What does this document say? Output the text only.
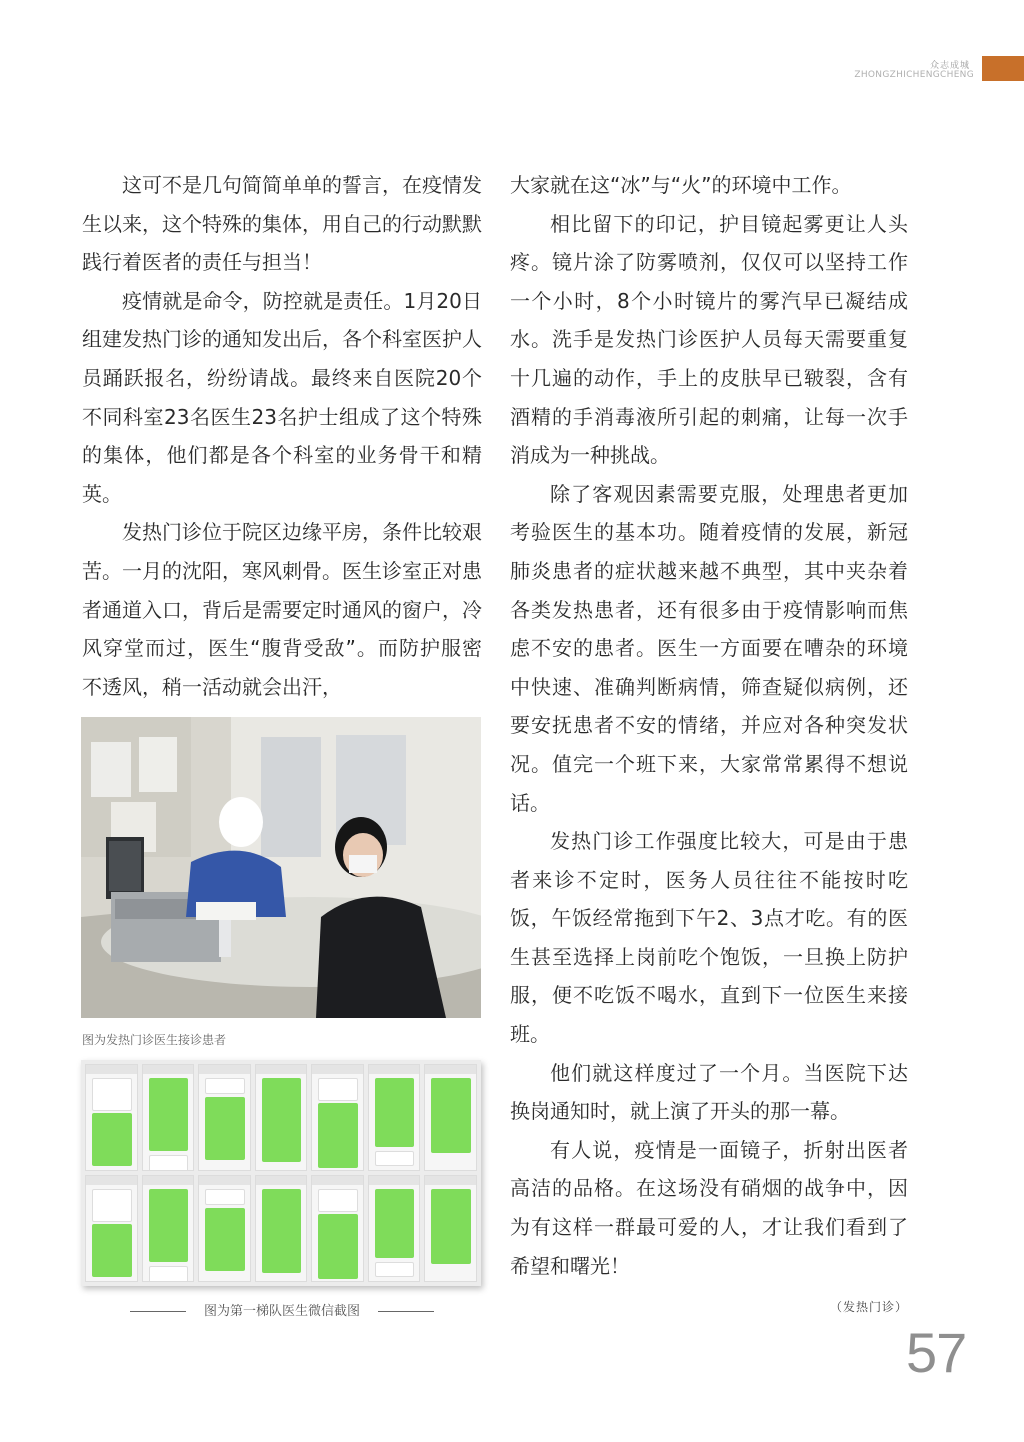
众志成城
ZHONGZHICHENGCHENG

这可不是几句简简单单的誓言，在疫情发生以来，这个特殊的集体，用自己的行动默默践行着医者的责任与担当！

疫情就是命令，防控就是责任。1月20日组建发热门诊的通知发出后，各个科室医护人员踊跃报名，纷纷请战。最终来自医院20个不同科室23名医生23名护士组成了这个特殊的集体，他们都是各个科室的业务骨干和精英。

发热门诊位于院区边缘平房，条件比较艰苦。一月的沈阳，寒风刺骨。医生诊室正对患者通道入口，背后是需要定时通风的窗户，冷风穿堂而过，医生“腹背受敌”。而防护服密不透风，稍一活动就会出汗，

图为发热门诊医生接诊患者
图为第一梯队医生微信截图

大家就在这“冰”与“火”的环境中工作。

相比留下的印记，护目镜起雾更让人头疼。镜片涂了防雾喷剂，仅仅可以坚持工作一个小时，8个小时镜片的雾汽早已凝结成水。洗手是发热门诊医护人员每天需要重复十几遍的动作，手上的皮肤早已皲裂，含有酒精的手消毒液所引起的刺痛，让每一次手消成为一种挑战。

除了客观因素需要克服，处理患者更加考验医生的基本功。随着疫情的发展，新冠肺炎患者的症状越来越不典型，其中夹杂着各类发热患者，还有很多由于疫情影响而焦虑不安的患者。医生一方面要在嘈杂的环境中快速、准确判断病情，筛查疑似病例，还要安抚患者不安的情绪，并应对各种突发状况。值完一个班下来，大家常常累得不想说话。

发热门诊工作强度比较大，可是由于患者来诊不定时，医务人员往往不能按时吃饭，午饭经常拖到下午2、3点才吃。有的医生甚至选择上岗前吃个饱饭，一旦换上防护服，便不吃饭不喝水，直到下一位医生来接班。

他们就这样度过了一个月。当医院下达换岗通知时，就上演了开头的那一幕。

有人说，疫情是一面镜子，折射出医者高洁的品格。在这场没有硝烟的战争中，因为有这样一群最可爱的人，才让我们看到了希望和曙光！

（发热门诊）
57
